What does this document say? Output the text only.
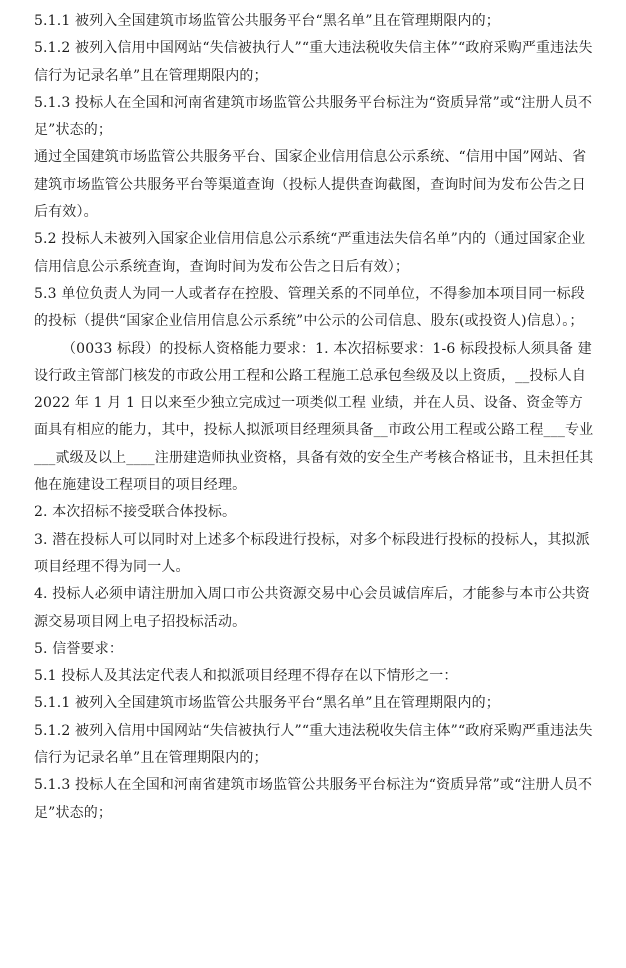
5.1.1 被列入全国建筑市场监管公共服务平台“黑名单”且在管理期限内的；

5.1.2 被列入信用中国网站“失信被执行人”“重大违法税收失信主体”“政府采购严重违法失信行为记录名单”且在管理期限内的；

5.1.3 投标人在全国和河南省建筑市场监管公共服务平台标注为“资质异常”或“注册人员不足”状态的；

通过全国建筑市场监管公共服务平台、国家企业信用信息公示系统、“信用中国”网站、省建筑市场监管公共服务平台等渠道查询（投标人提供查询截图，查询时间为发布公告之日后有效）。

5.2 投标人未被列入国家企业信用信息公示系统“严重违法失信名单”内的（通过国家企业信用信息公示系统查询，查询时间为发布公告之日后有效）；

5.3 单位负责人为同一人或者存在控股、管理关系的不同单位，不得参加本项目同一标段的投标（提供“国家企业信用信息公示系统”中公示的公司信息、股东(或投资人)信息）。；

（0033 标段）的投标人资格能力要求：1. 本次招标要求：1-6 标段投标人须具备 建设行政主管部门核发的市政公用工程和公路工程施工总承包叁级及以上资质，__投标人自 2022 年 1 月 1 日以来至少独立完成过一项类似工程 业绩，并在人员、设备、资金等方面具有相应的能力，其中，投标人拟派项目经理须具备__市政公用工程或公路工程___专业___贰级及以上____注册建造师执业资格，具备有效的安全生产考核合格证书，且未担任其他在施建设工程项目的项目经理。

2. 本次招标不接受联合体投标。

3. 潜在投标人可以同时对上述多个标段进行投标，对多个标段进行投标的投标人，其拟派项目经理不得为同一人。

4. 投标人必须申请注册加入周口市公共资源交易中心会员诚信库后，才能参与本市公共资源交易项目网上电子招投标活动。

5. 信誉要求：

5.1 投标人及其法定代表人和拟派项目经理不得存在以下情形之一：

5.1.1 被列入全国建筑市场监管公共服务平台“黑名单”且在管理期限内的；

5.1.2 被列入信用中国网站“失信被执行人”“重大违法税收失信主体”“政府采购严重违法失信行为记录名单”且在管理期限内的；

5.1.3 投标人在全国和河南省建筑市场监管公共服务平台标注为“资质异常”或“注册人员不足”状态的；
